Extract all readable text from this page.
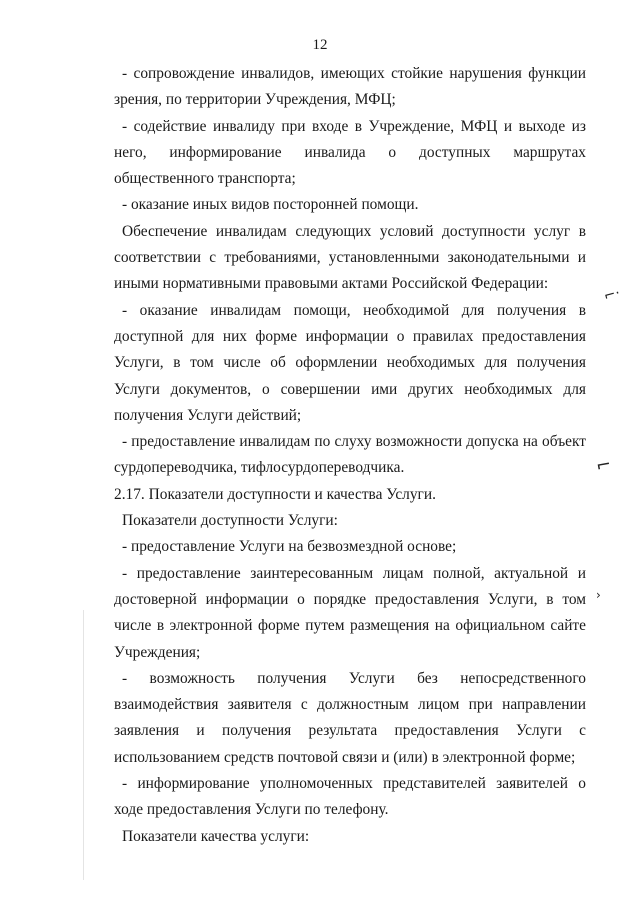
12

- сопровождение инвалидов, имеющих стойкие нарушения функции зрения, по территории Учреждения, МФЦ;

- содействие инвалиду при входе в Учреждение, МФЦ и выходе из него, информирование инвалида о доступных маршрутах общественного транспорта;

- оказание иных видов посторонней помощи.

Обеспечение инвалидам следующих условий доступности услуг в соответствии с требованиями, установленными законодательными и иными нормативными правовыми актами Российской Федерации:

- оказание инвалидам помощи, необходимой для получения в доступной для них форме информации о правилах предоставления Услуги, в том числе об оформлении необходимых для получения Услуги документов, о совершении ими других необходимых для получения Услуги действий;

- предоставление инвалидам по слуху возможности допуска на объект сурдопереводчика, тифлосурдопереводчика.

2.17. Показатели доступности и качества Услуги.

Показатели доступности Услуги:

- предоставление Услуги на безвозмездной основе;

- предоставление заинтересованным лицам полной, актуальной и достоверной информации о порядке предоставления Услуги, в том числе в электронной форме путем размещения на официальном сайте Учреждения;

- возможность получения Услуги без непосредственного взаимодействия заявителя с должностным лицом при направлении заявления и получения результата предоставления Услуги с использованием средств почтовой связи и (или) в электронной форме;

- информирование уполномоченных представителей заявителей о ходе предоставления Услуги по телефону.

Показатели качества услуги:

⌐·
⌐
›
